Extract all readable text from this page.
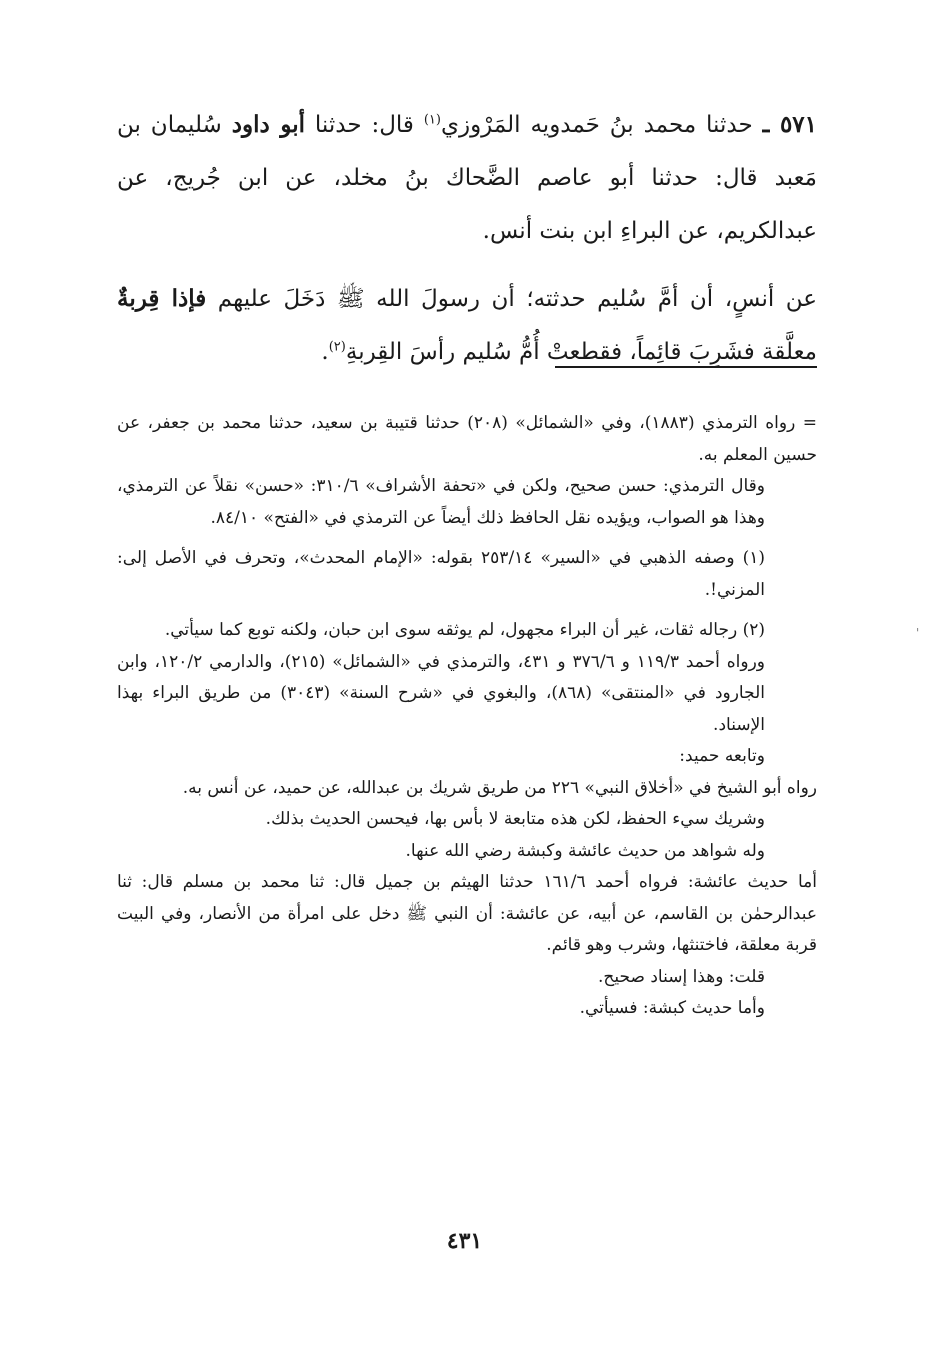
٥٧١ ـ حدثنا محمد بنُ حَمدويه المَرْوزي$^{(١)}$ قال: حدثنا أبو داود سُليمان بن مَعبد قال: حدثنا أبو عاصم الضَّحاك بنُ مخلد، عن ابن جُريج، عن عبدالكريم، عن البراءِ ابن بنت أنس.

عن أنسٍ، أن أمَّ سُليم حدثته؛ أن رسولَ الله ﷺ دَخَلَ عليهم فإذا قِربةٌ معلَّقة فشَرِبَ قائِماً، فقطعتْ أُمُّ سُليم رأسَ القِربةِ$^{(٢)}$.

= رواه الترمذي (١٨٨٣)، وفي «الشمائل» (٢٠٨) حدثنا قتيبة بن سعيد، حدثنا محمد بن جعفر، عن حسين المعلم به.

وقال الترمذي: حسن صحيح، ولكن في «تحفة الأشراف» ٣١٠/٦: «حسن» نقلاً عن الترمذي، وهذا هو الصواب، ويؤيده نقل الحافظ ذلك أيضاً عن الترمذي في «الفتح» ٨٤/١٠.

(١) وصفه الذهبي في «السير» ٢٥٣/١٤ بقوله: «الإمام المحدث»، وتحرف في الأصل إلى: المزني!.

(٢) رجاله ثقات، غير أن البراء مجهول، لم يوثقه سوى ابن حبان، ولكنه توبع كما سيأتي.

ورواه أحمد ١١٩/٣ و ٣٧٦/٦ و ٤٣١، والترمذي في «الشمائل» (٢١٥)، والدارمي ١٢٠/٢، وابن الجارود في «المنتقى» (٨٦٨)، والبغوي في «شرح السنة» (٣٠٤٣) من طريق البراء بهذا الإسناد.

وتابعه حميد:

رواه أبو الشيخ في «أخلاق النبي» ٢٢٦ من طريق شريك بن عبدالله، عن حميد، عن أنس به.

وشريك سيء الحفظ، لكن هذه متابعة لا بأس بها، فيحسن الحديث بذلك.

وله شواهد من حديث عائشة وكبشة رضي الله عنها.

أما حديث عائشة: فرواه أحمد ١٦١/٦ حدثنا الهيثم بن جميل قال: ثنا محمد بن مسلم قال: ثنا عبدالرحمٰن بن القاسم، عن أبيه، عن عائشة: أن النبي ﷺ دخل على امرأة من الأنصار، وفي البيت قربة معلقة، فاختنثها، وشرب وهو قائم.

قلت: وهذا إسناد صحيح.

وأما حديث كبشة: فسيأتي.

٤٣١
'
